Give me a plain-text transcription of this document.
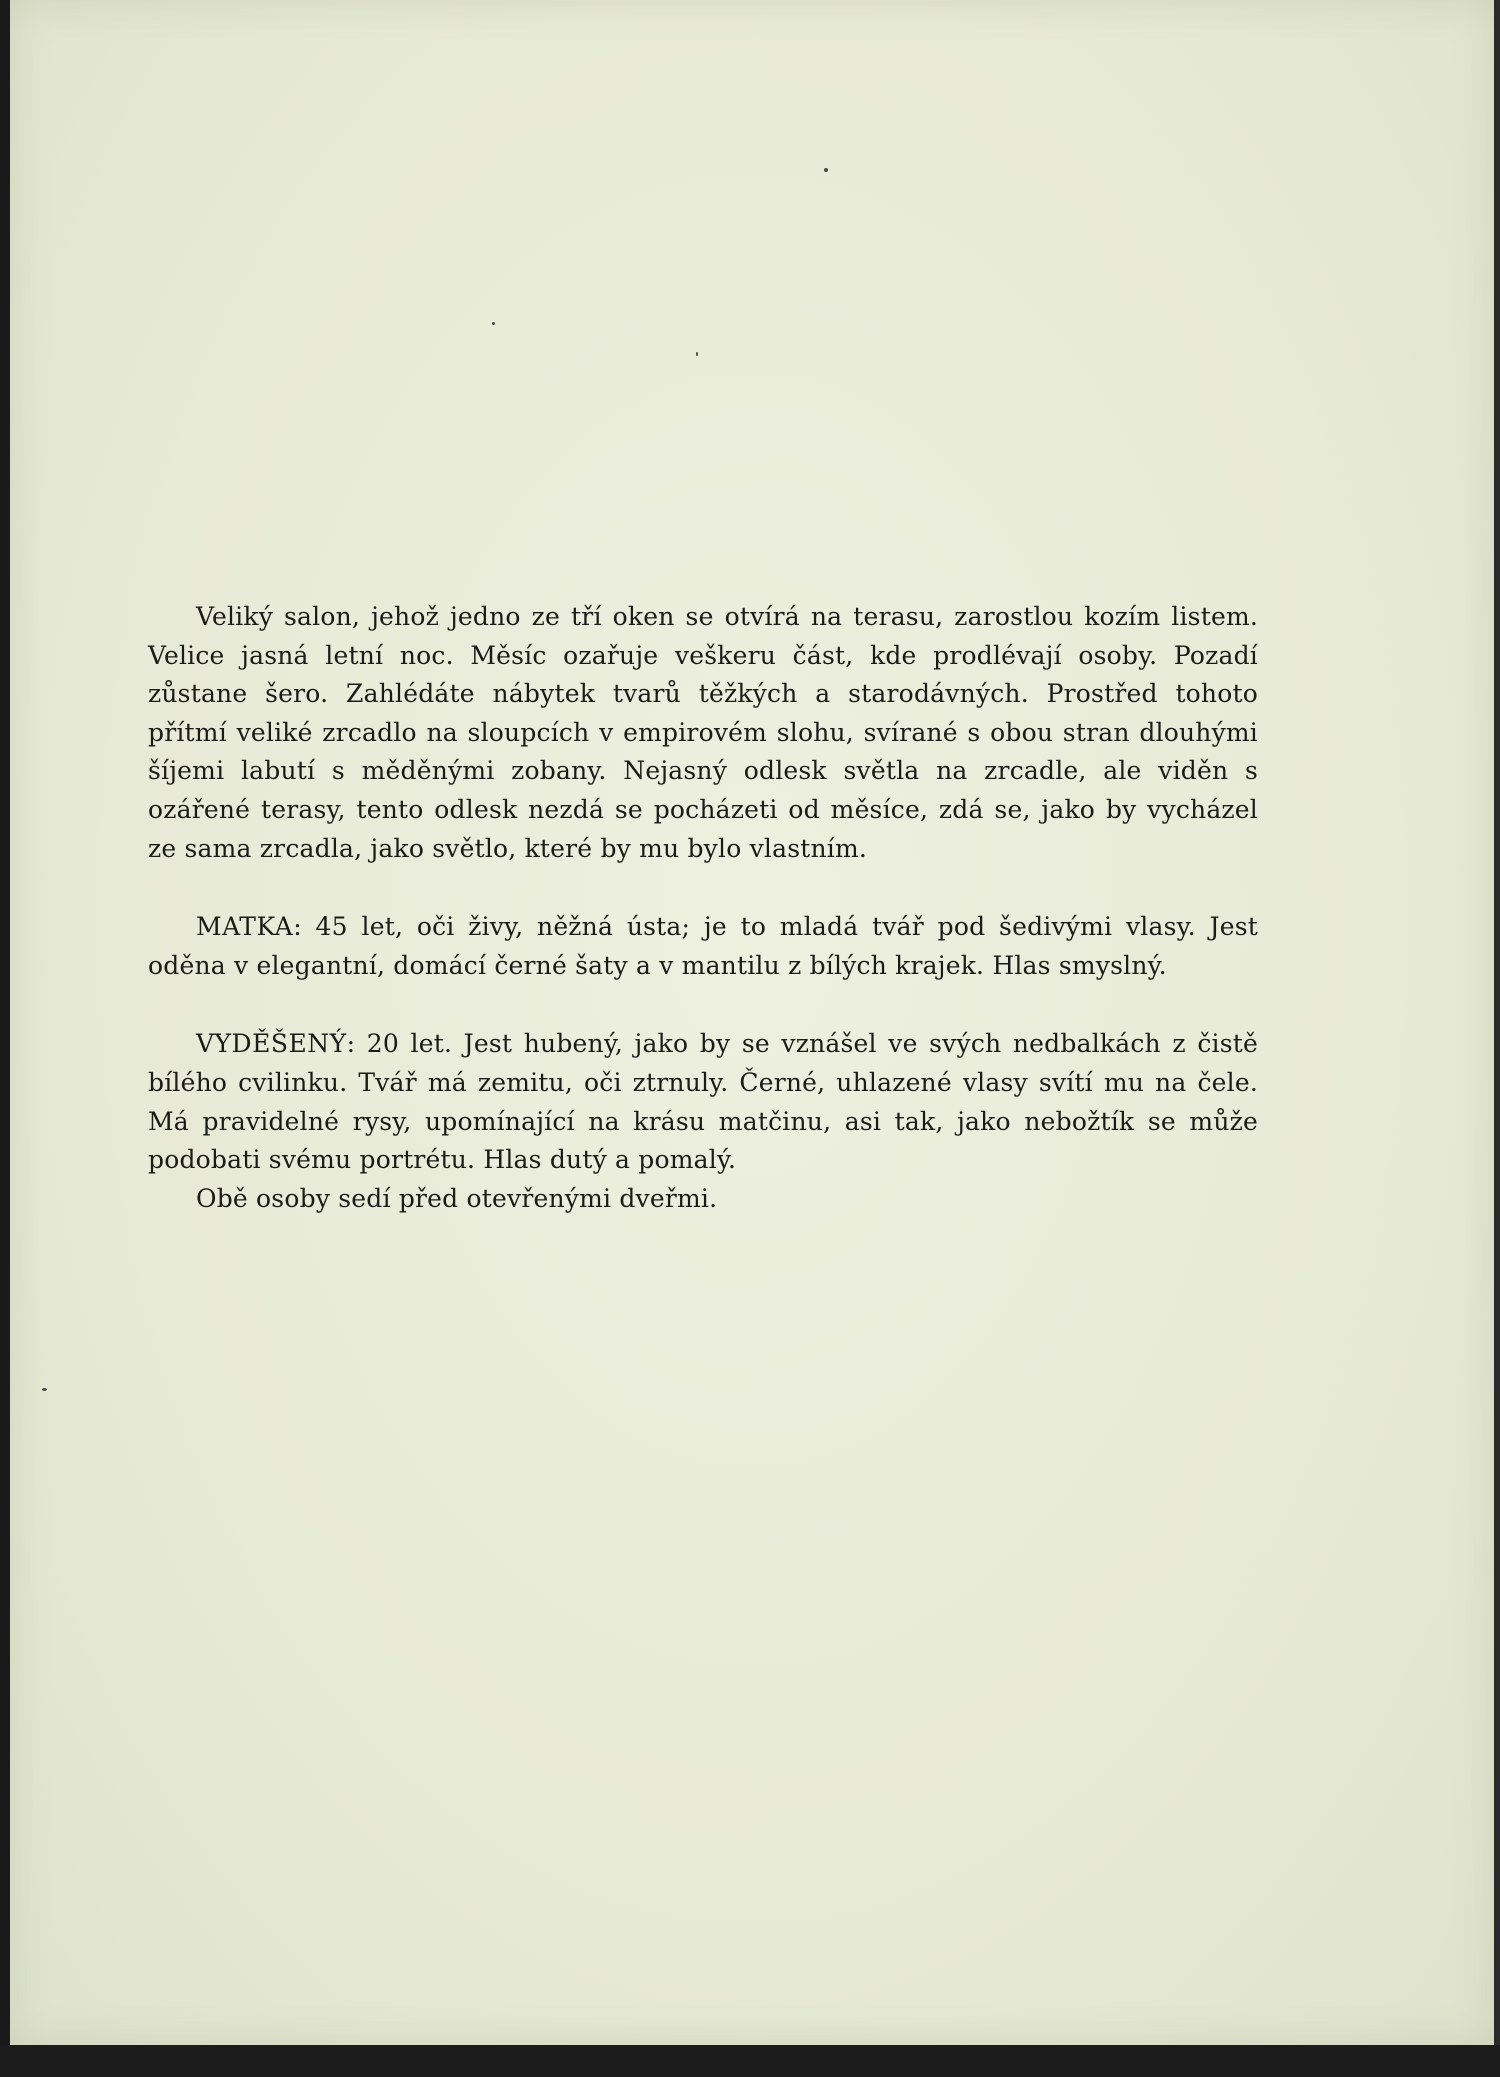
Veliký salon, jehož jedno ze tří oken se otvírá na terasu, zarostlou kozím listem. Velice jasná letní noc. Měsíc ozařuje veškeru část, kde prodlévají osoby. Pozadí zůstane šero. Zahlédáte nábytek tvarů těžkých a starodávných. Prostřed tohoto přítmí veliké zrcadlo na sloupcích v empirovém slohu, svírané s obou stran dlouhými šíjemi labutí s měděnými zobany. Nejasný odlesk světla na zrcadle, ale viděn s ozářené terasy, tento odlesk nezdá se pocházeti od měsíce, zdá se, jako by vycházel ze sama zrcadla, jako světlo, které by mu bylo vlastním.

MATKA: 45 let, oči živy, něžná ústa; je to mladá tvář pod šedivými vlasy. Jest oděna v elegantní, domácí černé šaty a v mantilu z bílých krajek. Hlas smyslný.

VYDĚŠENÝ: 20 let. Jest hubený, jako by se vznášel ve svých nedbalkách z čistě bílého cvilinku. Tvář má zemitu, oči ztrnuly. Černé, uhlazené vlasy svítí mu na čele. Má pravidelné rysy, upomínající na krásu matčinu, asi tak, jako nebožtík se může podobati svému portrétu. Hlas dutý a pomalý.

Obě osoby sedí před otevřenými dveřmi.
